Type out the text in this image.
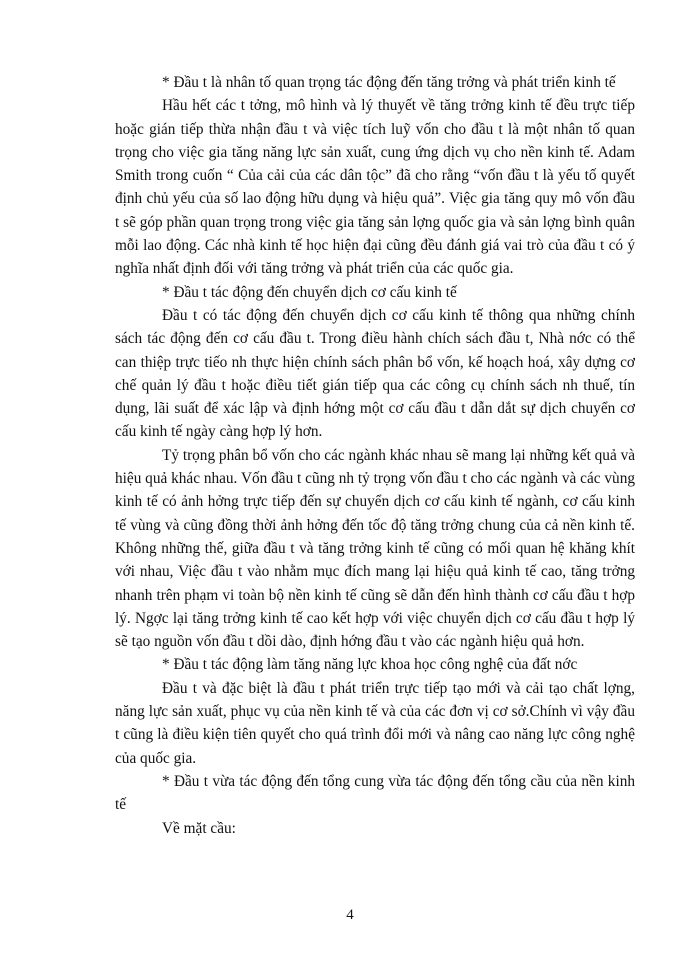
* Đầu t là nhân tố quan trọng tác động đến tăng trởng và phát triển kinh tế

Hầu hết các t tởng, mô hình và lý thuyết về tăng trởng kinh tế đều trực tiếp hoặc gián tiếp thừa nhận đầu t và việc tích luỹ vốn cho đầu t là một nhân tố quan trọng cho việc gia tăng năng lực sản xuất, cung ứng dịch vụ cho nền kinh tế. Adam Smith trong cuốn “ Của cải của các dân tộc” đã cho rằng “vốn đầu t là yếu tố quyết định chủ yếu của số lao động hữu dụng và hiệu quả”. Việc gia tăng quy mô vốn đầu t sẽ góp phần quan trọng trong việc gia tăng sản lợng quốc gia và sản lợng bình quân mỗi lao động. Các nhà kinh tế học hiện đại cũng đều đánh giá vai trò của đầu t có ý nghĩa nhất định đối với tăng trởng và phát triển của các quốc gia.

* Đầu t tác động đến chuyển dịch cơ cấu kinh tế

Đầu t có tác động đến chuyển dịch cơ cấu kinh tế thông qua những chính sách tác động đến cơ cấu đầu t. Trong điều hành chích sách đầu t, Nhà nớc có thể can thiệp trực tiếo nh thực hiện chính sách phân bổ vốn, kế hoạch hoá, xây dựng cơ chế quản lý đầu t hoặc điều tiết gián tiếp qua các công cụ chính sách nh thuế, tín dụng, lãi suất để xác lập và định hớng một cơ cấu đầu t dẫn dắt sự dịch chuyển cơ cấu kinh tế ngày càng hợp lý hơn.

Tỷ trọng phân bổ vốn cho các ngành khác nhau sẽ mang lại những kết quả và hiệu quả khác nhau. Vốn đầu t cũng nh tỷ trọng vốn đầu t cho các ngành và các vùng kinh tế có ảnh hởng trực tiếp đến sự chuyển dịch cơ cấu kinh tế ngành, cơ cấu kinh tế vùng và cũng đồng thời ảnh hởng đến tốc độ tăng trởng chung của cả nền kinh tế. Không những thế, giữa đầu t và tăng trởng kinh tế cũng có mối quan hệ khăng khít với nhau, Việc đầu t vào nhằm mục đích mang lại hiệu quả kinh tế cao, tăng trởng nhanh trên phạm vi toàn bộ nền kinh tế cũng sẽ dẫn đến hình thành cơ cấu đầu t hợp lý. Ngợc lại tăng trởng kinh tế cao kết hợp với việc chuyển dịch cơ cấu đầu t hợp lý sẽ tạo nguồn vốn đầu t dồi dào, định hớng đầu t vào các ngành hiệu quả hơn.

* Đầu t tác động làm tăng năng lực khoa học công nghệ của đất nớc

Đầu t và đặc biệt là đầu t phát triển trực tiếp tạo mới và cải tạo chất lợng, năng lực sản xuất, phục vụ của nền kinh tế và của các đơn vị cơ sở.Chính vì vậy đầu t cũng là điều kiện tiên quyết cho quá trình đổi mới và nâng cao năng lực công nghệ của quốc gia.

* Đầu t vừa tác động đến tổng cung vừa tác động đến tổng cầu của nền kinh tế

Về mặt cầu:

4
